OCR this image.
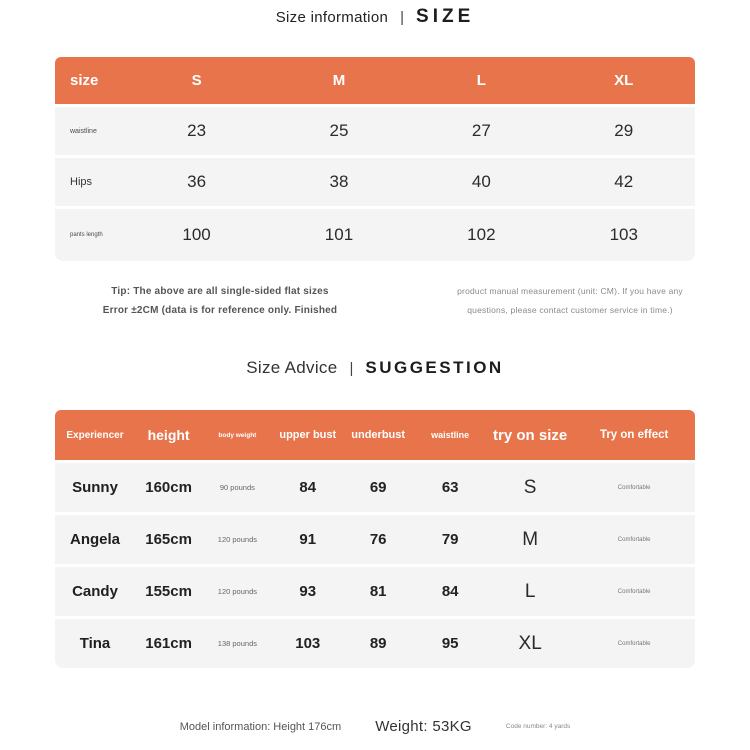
Size information | SIZE
size	S	M	L	XL
waistline	23	25	27	29
Hips	36	38	40	42
pants length	100	101	102	103
Tip: The above are all single-sided flat sizes	product manual measurement (unit: CM). If you have any
Error ±2CM (data is for reference only. Finished	questions, please contact customer service in time.)
Size Advice | SUGGESTION
Experiencer	height	body weight	upper bust	underbust	waistline	try on size	Try on effect
Sunny	160cm	90 pounds	84	69	63	S	Comfortable
Angela	165cm	120 pounds	91	76	79	M	Comfortable
Candy	155cm	120 pounds	93	81	84	L	Comfortable
Tina	161cm	138 pounds	103	89	95	XL	Comfortable
Model information: Height 176cm Weight: 53KG	Code number: 4 yards
